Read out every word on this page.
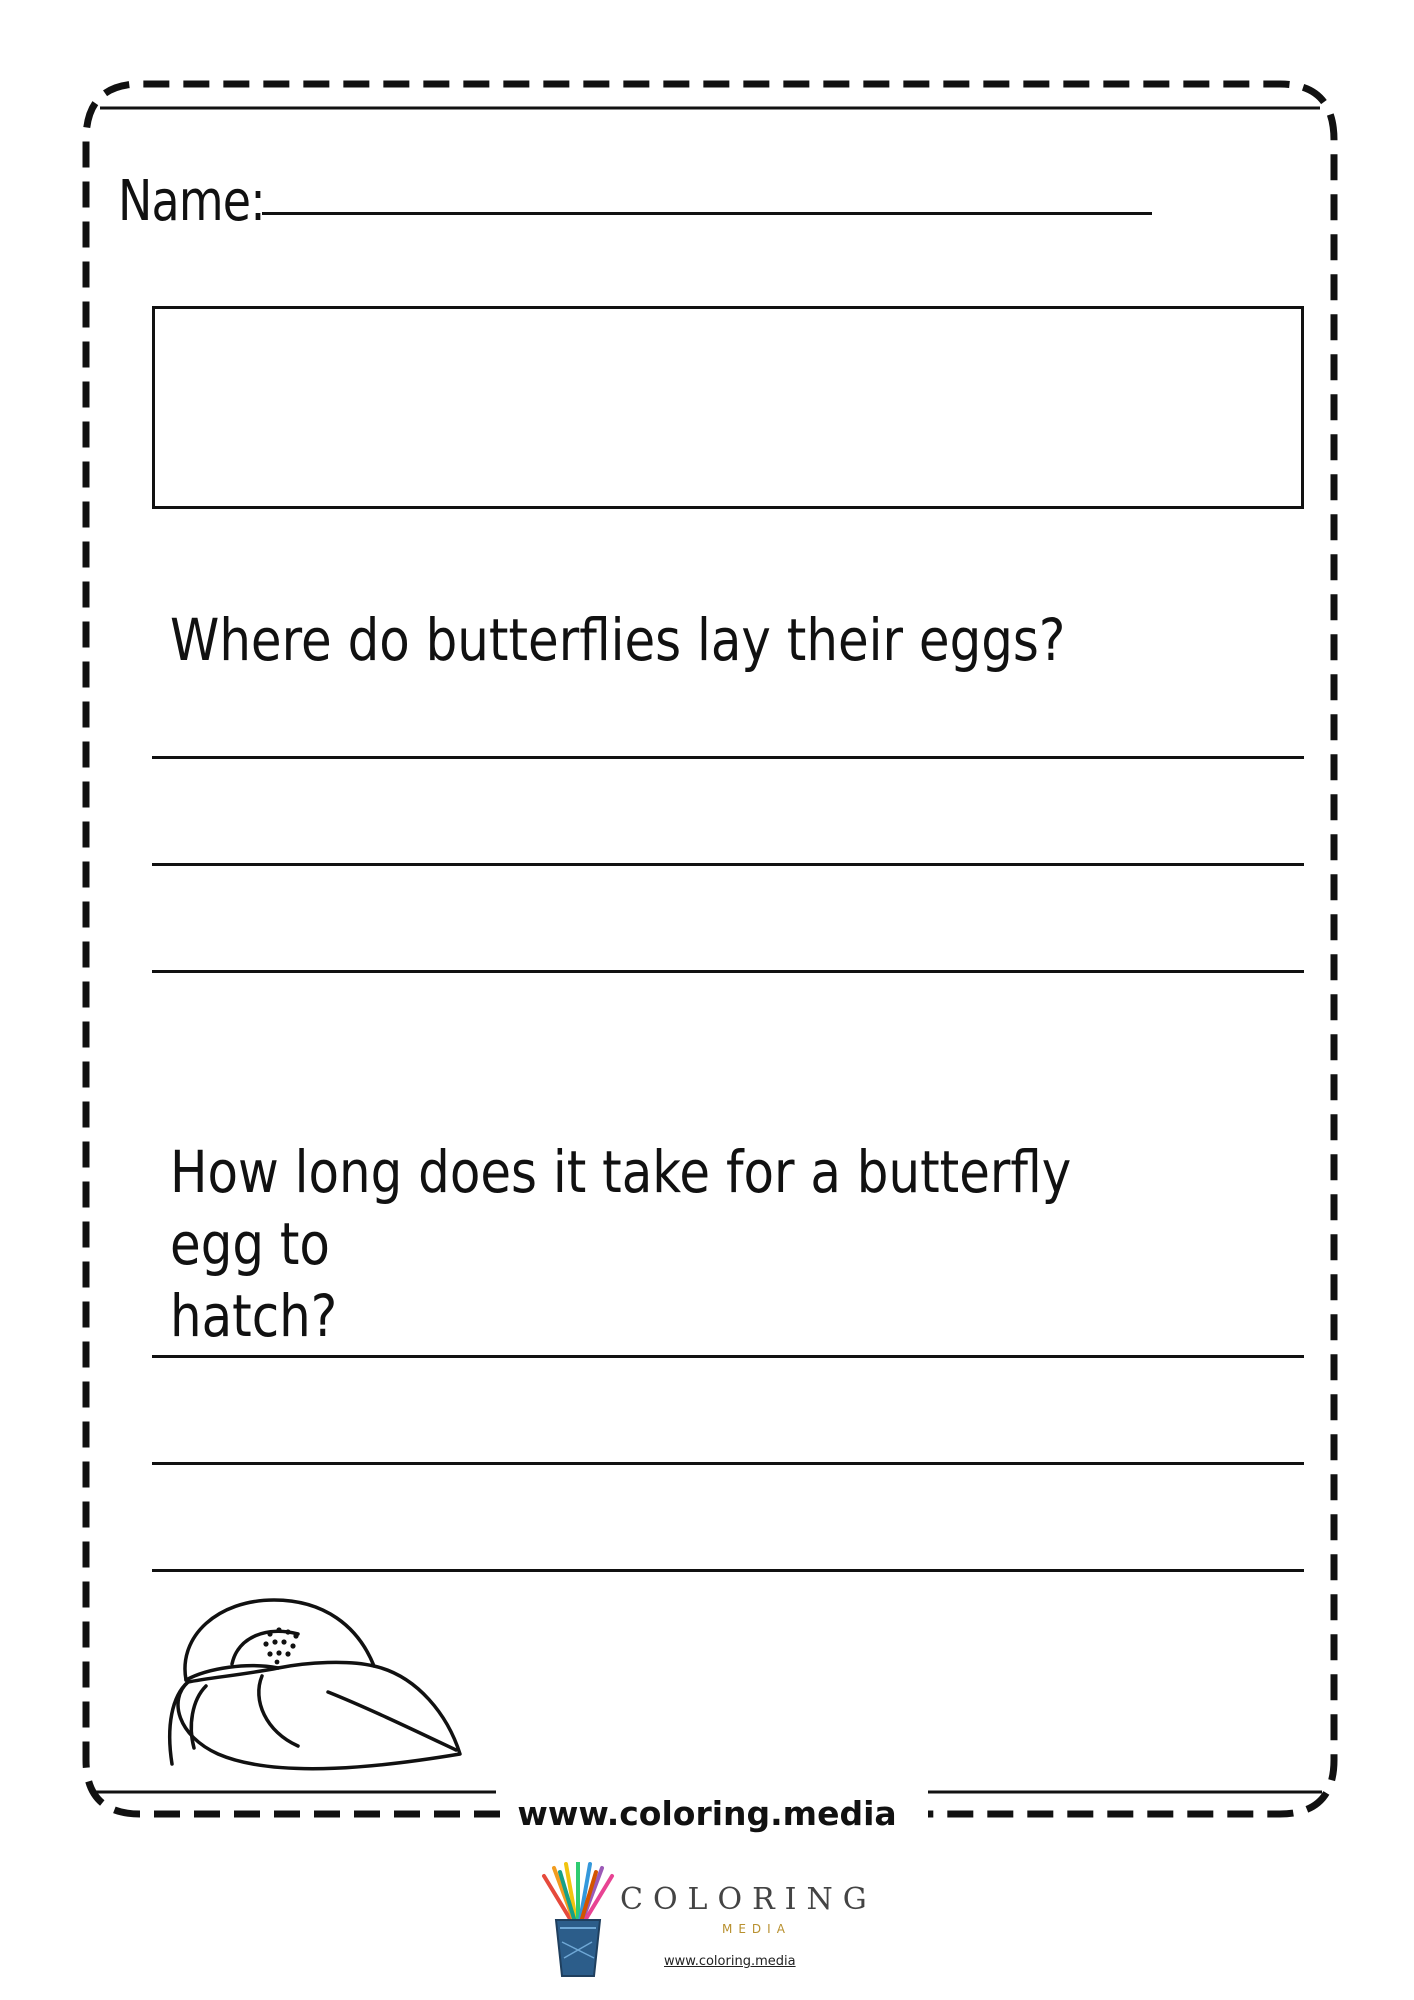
Name:
Where do butterflies lay their eggs?
How long does it take for a butterfly egg to
hatch?
www.coloring.media
COLORING
MEDIA
www.coloring.media
